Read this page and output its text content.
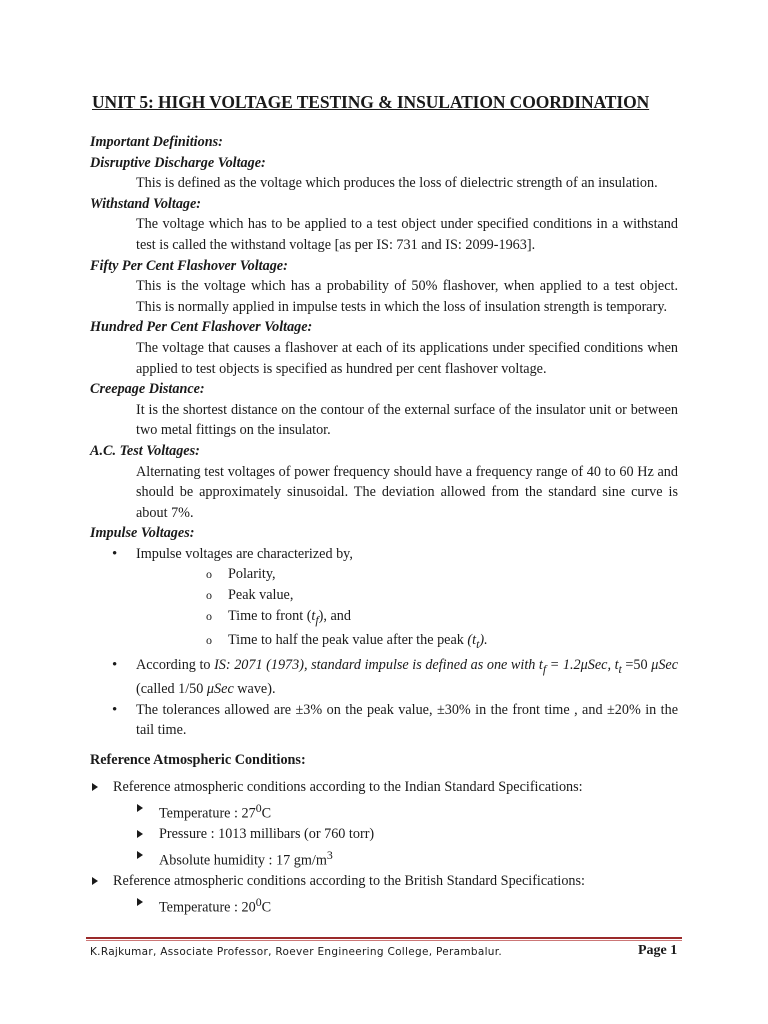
UNIT 5: HIGH VOLTAGE TESTING & INSULATION COORDINATION
Important Definitions:
Disruptive Discharge Voltage:
This is defined as the voltage which produces the loss of dielectric strength of an insulation.
Withstand Voltage:
The voltage which has to be applied to a test object under specified conditions in a withstand test is called the withstand voltage [as per IS: 731 and IS: 2099-1963].
Fifty Per Cent Flashover Voltage:
This is the voltage which has a probability of 50% flashover, when applied to a test object. This is normally applied in impulse tests in which the loss of insulation strength is temporary.
Hundred Per Cent Flashover Voltage:
The voltage that causes a flashover at each of its applications under specified conditions when applied to test objects is specified as hundred per cent flashover voltage.
Creepage Distance:
It is the shortest distance on the contour of the external surface of the insulator unit or between two metal fittings on the insulator.
A.C. Test Voltages:
Alternating test voltages of power frequency should have a frequency range of 40 to 60 Hz and should be approximately sinusoidal. The deviation allowed from the standard sine curve is about 7%.
Impulse Voltages:
• Impulse voltages are characterized by,
o Polarity,
o Peak value,
o Time to front $(t_f)$, and
o Time to half the peak value after the peak $(t_t)$.
• According to IS: 2071 (1973), standard impulse is defined as one with $t_f = 1.2\mu Sec$, $t_t =50$ μSec (called 1/50 μSec wave).
• The tolerances allowed are ±3% on the peak value, ±30% in the front time , and ±20% in the tail time.
Reference Atmospheric Conditions:
Reference atmospheric conditions according to the Indian Standard Specifications:
Temperature : $27^0C$
Pressure : 1013 millibars (or 760 torr)
Absolute humidity : 17 $gm/m^3$
Reference atmospheric conditions according to the British Standard Specifications:
Temperature : $20^0C$
K.Rajkumar, Associate Professor, Roever Engineering College, Perambalur.	Page 1
